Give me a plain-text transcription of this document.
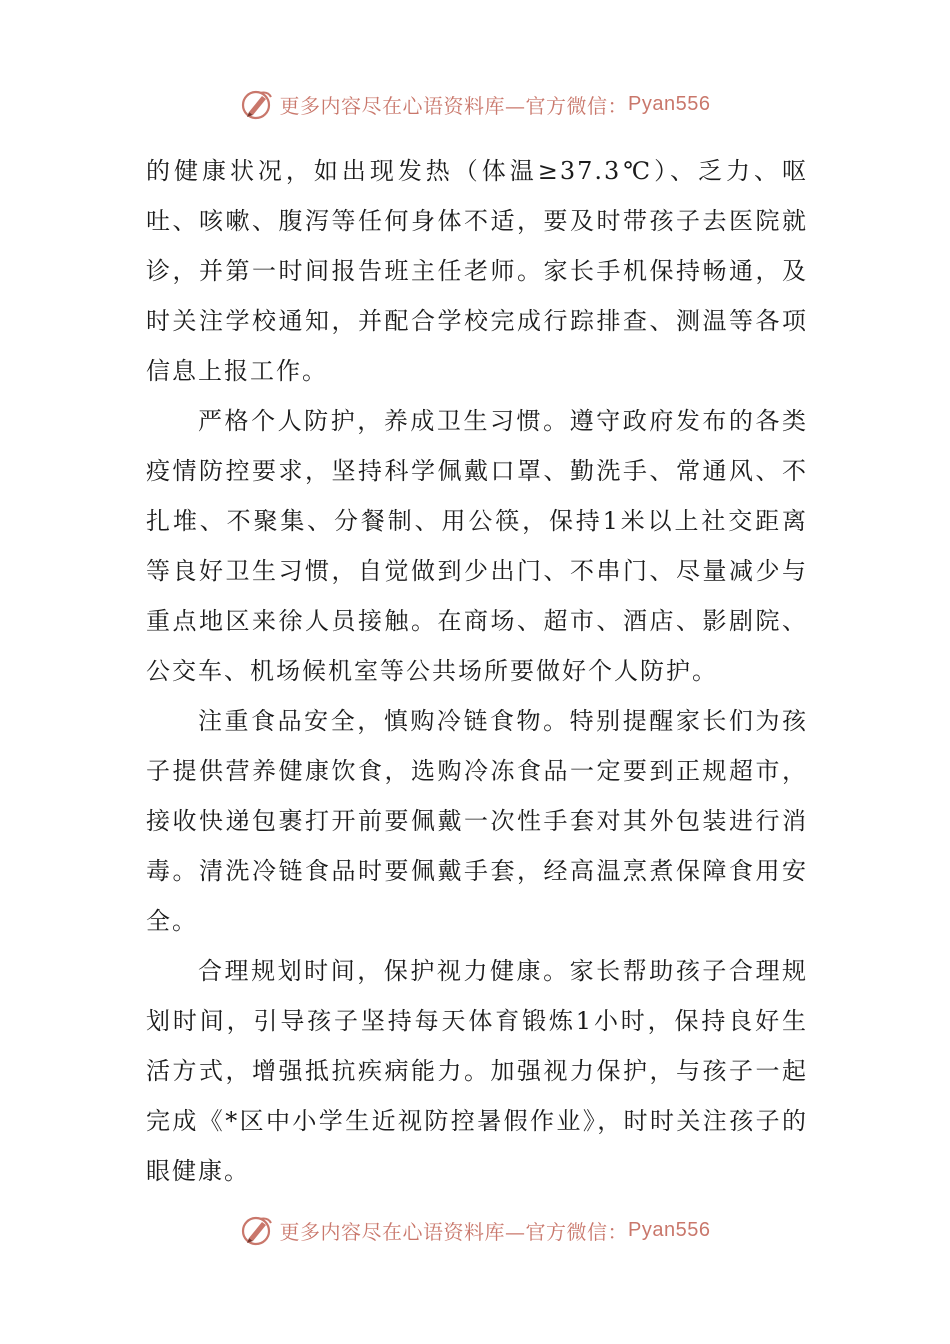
更多内容尽在心语资料库—官方微信： Pyan556

的健康状况，如出现发热（体温≥37.3℃）、乏力、呕吐、咳嗽、腹泻等任何身体不适，要及时带孩子去医院就诊，并第一时间报告班主任老师。家长手机保持畅通，及时关注学校通知，并配合学校完成行踪排查、测温等各项信息上报工作。

严格个人防护，养成卫生习惯。遵守政府发布的各类疫情防控要求，坚持科学佩戴口罩、勤洗手、常通风、不扎堆、不聚集、分餐制、用公筷，保持1米以上社交距离等良好卫生习惯，自觉做到少出门、不串门、尽量减少与重点地区来徐人员接触。在商场、超市、酒店、影剧院、公交车、机场候机室等公共场所要做好个人防护。

注重食品安全，慎购冷链食物。特别提醒家长们为孩子提供营养健康饮食，选购冷冻食品一定要到正规超市，接收快递包裹打开前要佩戴一次性手套对其外包装进行消毒。清洗冷链食品时要佩戴手套，经高温烹煮保障食用安全。

合理规划时间，保护视力健康。家长帮助孩子合理规划时间，引导孩子坚持每天体育锻炼1小时，保持良好生活方式，增强抵抗疾病能力。加强视力保护，与孩子一起完成《*区中小学生近视防控暑假作业》，时时关注孩子的眼健康。

更多内容尽在心语资料库—官方微信： Pyan556
